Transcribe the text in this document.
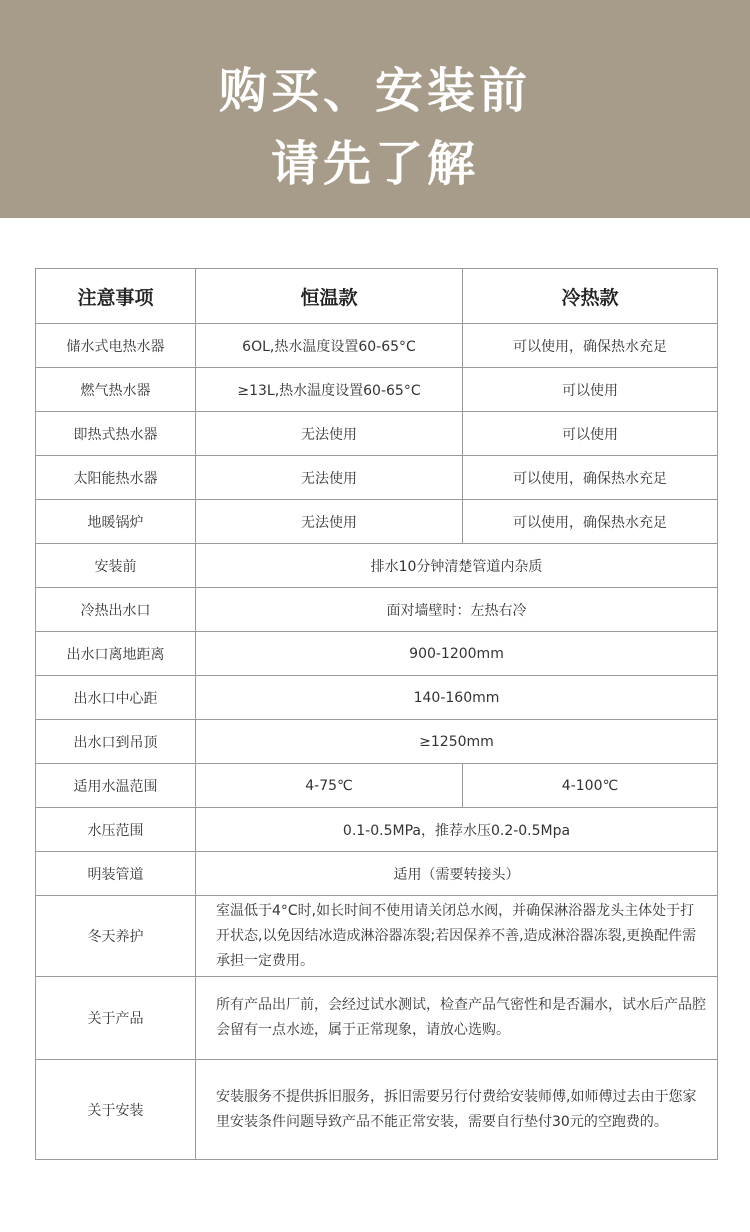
购买、安装前
请先了解
注意事项	恒温款	冷热款
储水式电热水器	6OL,热水温度设置60-65°C	可以使用，确保热水充足
燃气热水器	≥13L,热水温度设置60-65°C	可以使用
即热式热水器	无法使用	可以使用
太阳能热水器	无法使用	可以使用，确保热水充足
地暖锅炉	无法使用	可以使用，确保热水充足
安装前	排水10分钟清楚管道内杂质	
冷热出水口	面对墙壁时：左热右冷	
出水口离地距离	900-1200mm	
出水口中心距	140-160mm	
出水口到吊顶	≥1250mm	
适用水温范围	4-75℃	4-100℃
水压范围	0.1-0.5MPa，推荐水压0.2-0.5Mpa	
明装管道	适用（需要转接头）	
冬天养护	室温低于4°C时,如长时间不使用请关闭总水阀，并确保淋浴器龙头主体处于打开状态,以免因结冰造成淋浴器冻裂;若因保养不善,造成淋浴器冻裂,更换配件需承担一定费用。	
关于产品	所有产品出厂前，会经过试水测试，检查产品气密性和是否漏水，试水后产品腔会留有一点水迹，属于正常现象，请放心选购。	
关于安装	安装服务不提供拆旧服务，拆旧需要另行付费给安装师傅,如师傅过去由于您家里安装条件问题导致产品不能正常安装，需要自行垫付30元的空跑费的。	
